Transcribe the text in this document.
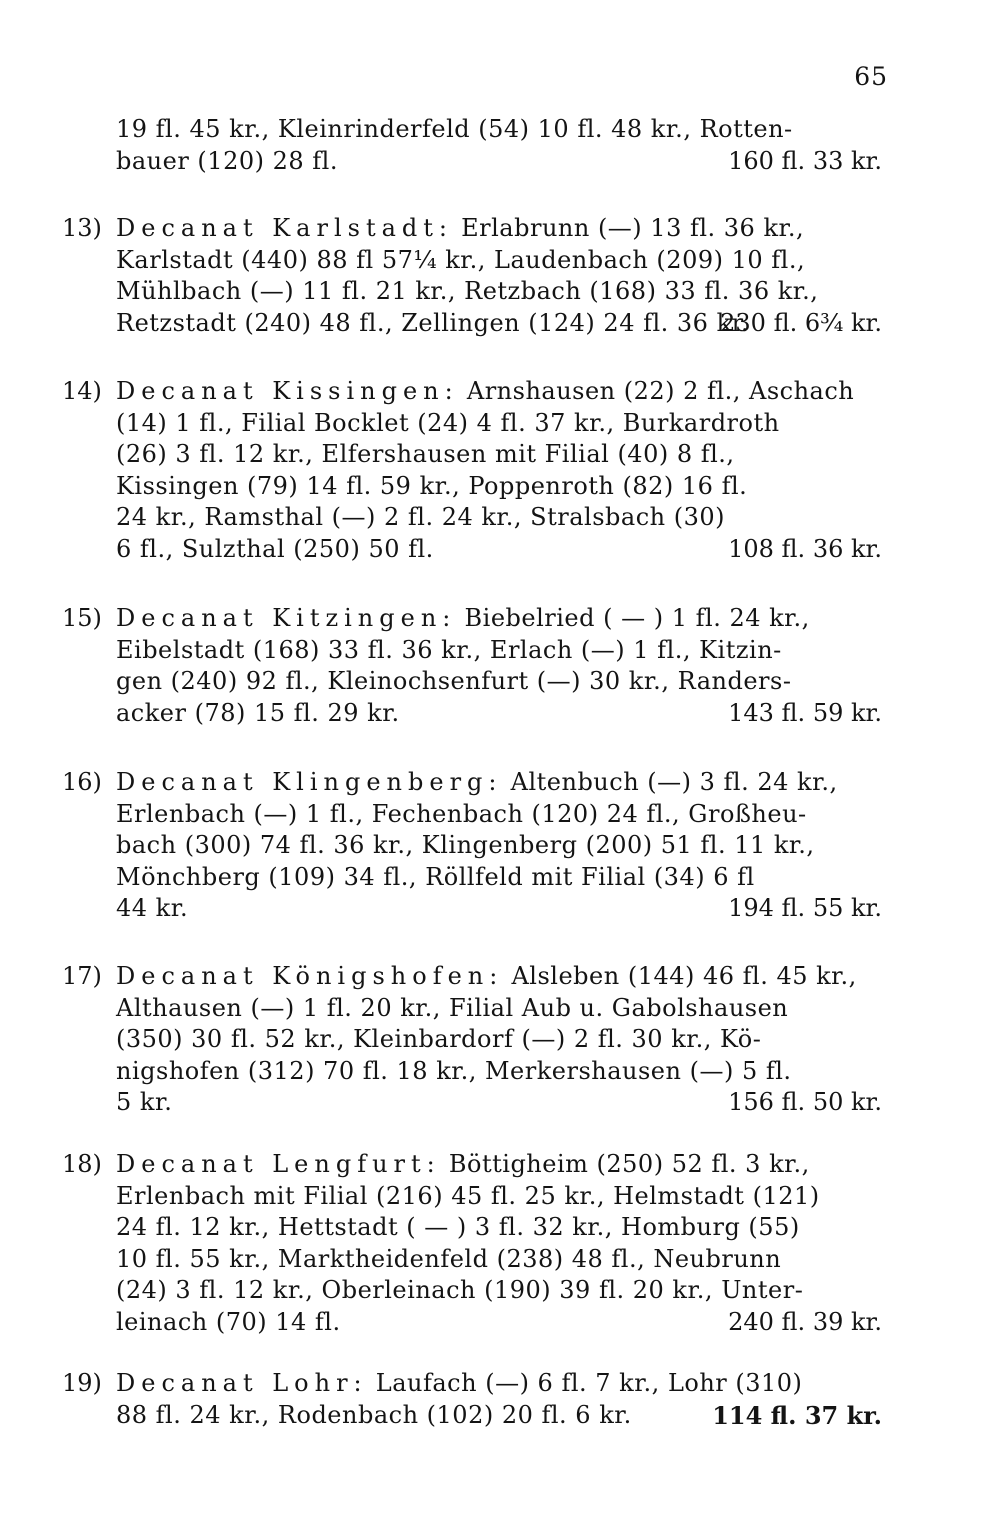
65
19 fl. 45 kr., Kleinrinderfeld (54) 10 fl. 48 kr., Rotten-
bauer (120) 28 fl.	160 fl. 33 kr.
13) Decanat Karlstadt: Erlabrunn (—) 13 fl. 36 kr.,
Karlstadt (440) 88 fl 57¼ kr., Laudenbach (209) 10 fl.,
Mühlbach (—) 11 fl. 21 kr., Retzbach (168) 33 fl. 36 kr.,
Retzstadt (240) 48 fl., Zellingen (124) 24 fl. 36 kr.
230 fl. 6¾ kr.
14) Decanat Kissingen: Arnshausen (22) 2 fl., Aschach
(14) 1 fl., Filial Bocklet (24) 4 fl. 37 kr., Burkardroth
(26) 3 fl. 12 kr., Elfershausen mit Filial (40) 8 fl.,
Kissingen (79) 14 fl. 59 kr., Poppenroth (82) 16 fl.
24 kr., Ramsthal (—) 2 fl. 24 kr., Stralsbach (30)
6 fl., Sulzthal (250) 50 fl.	108 fl. 36 kr.
15) Decanat Kitzingen: Biebelried ( — ) 1 fl. 24 kr.,
Eibelstadt (168) 33 fl. 36 kr., Erlach (—) 1 fl., Kitzin-
gen (240) 92 fl., Kleinochsenfurt (—) 30 kr., Randers-
acker (78) 15 fl. 29 kr.	143 fl. 59 kr.
16) Decanat Klingenberg: Altenbuch (—) 3 fl. 24 kr.,
Erlenbach (—) 1 fl., Fechenbach (120) 24 fl., Großheu-
bach (300) 74 fl. 36 kr., Klingenberg (200) 51 fl. 11 kr.,
Mönchberg (109) 34 fl., Röllfeld mit Filial (34) 6 fl
44 kr.	194 fl. 55 kr.
17) Decanat Königshofen: Alsleben (144) 46 fl. 45 kr.,
Althausen (—) 1 fl. 20 kr., Filial Aub u. Gabolshausen
(350) 30 fl. 52 kr., Kleinbardorf (—) 2 fl. 30 kr., Kö-
nigshofen (312) 70 fl. 18 kr., Merkershausen (—) 5 fl.
5 kr.	156 fl. 50 kr.
18) Decanat Lengfurt: Böttigheim (250) 52 fl. 3 kr.,
Erlenbach mit Filial (216) 45 fl. 25 kr., Helmstadt (121)
24 fl. 12 kr., Hettstadt ( — ) 3 fl. 32 kr., Homburg (55)
10 fl. 55 kr., Marktheidenfeld (238) 48 fl., Neubrunn
(24) 3 fl. 12 kr., Oberleinach (190) 39 fl. 20 kr., Unter-
leinach (70) 14 fl.	240 fl. 39 kr.
19) Decanat Lohr: Laufach (—) 6 fl. 7 kr., Lohr (310)
88 fl. 24 kr., Rodenbach (102) 20 fl. 6 kr.	114 fl. 37 kr.
